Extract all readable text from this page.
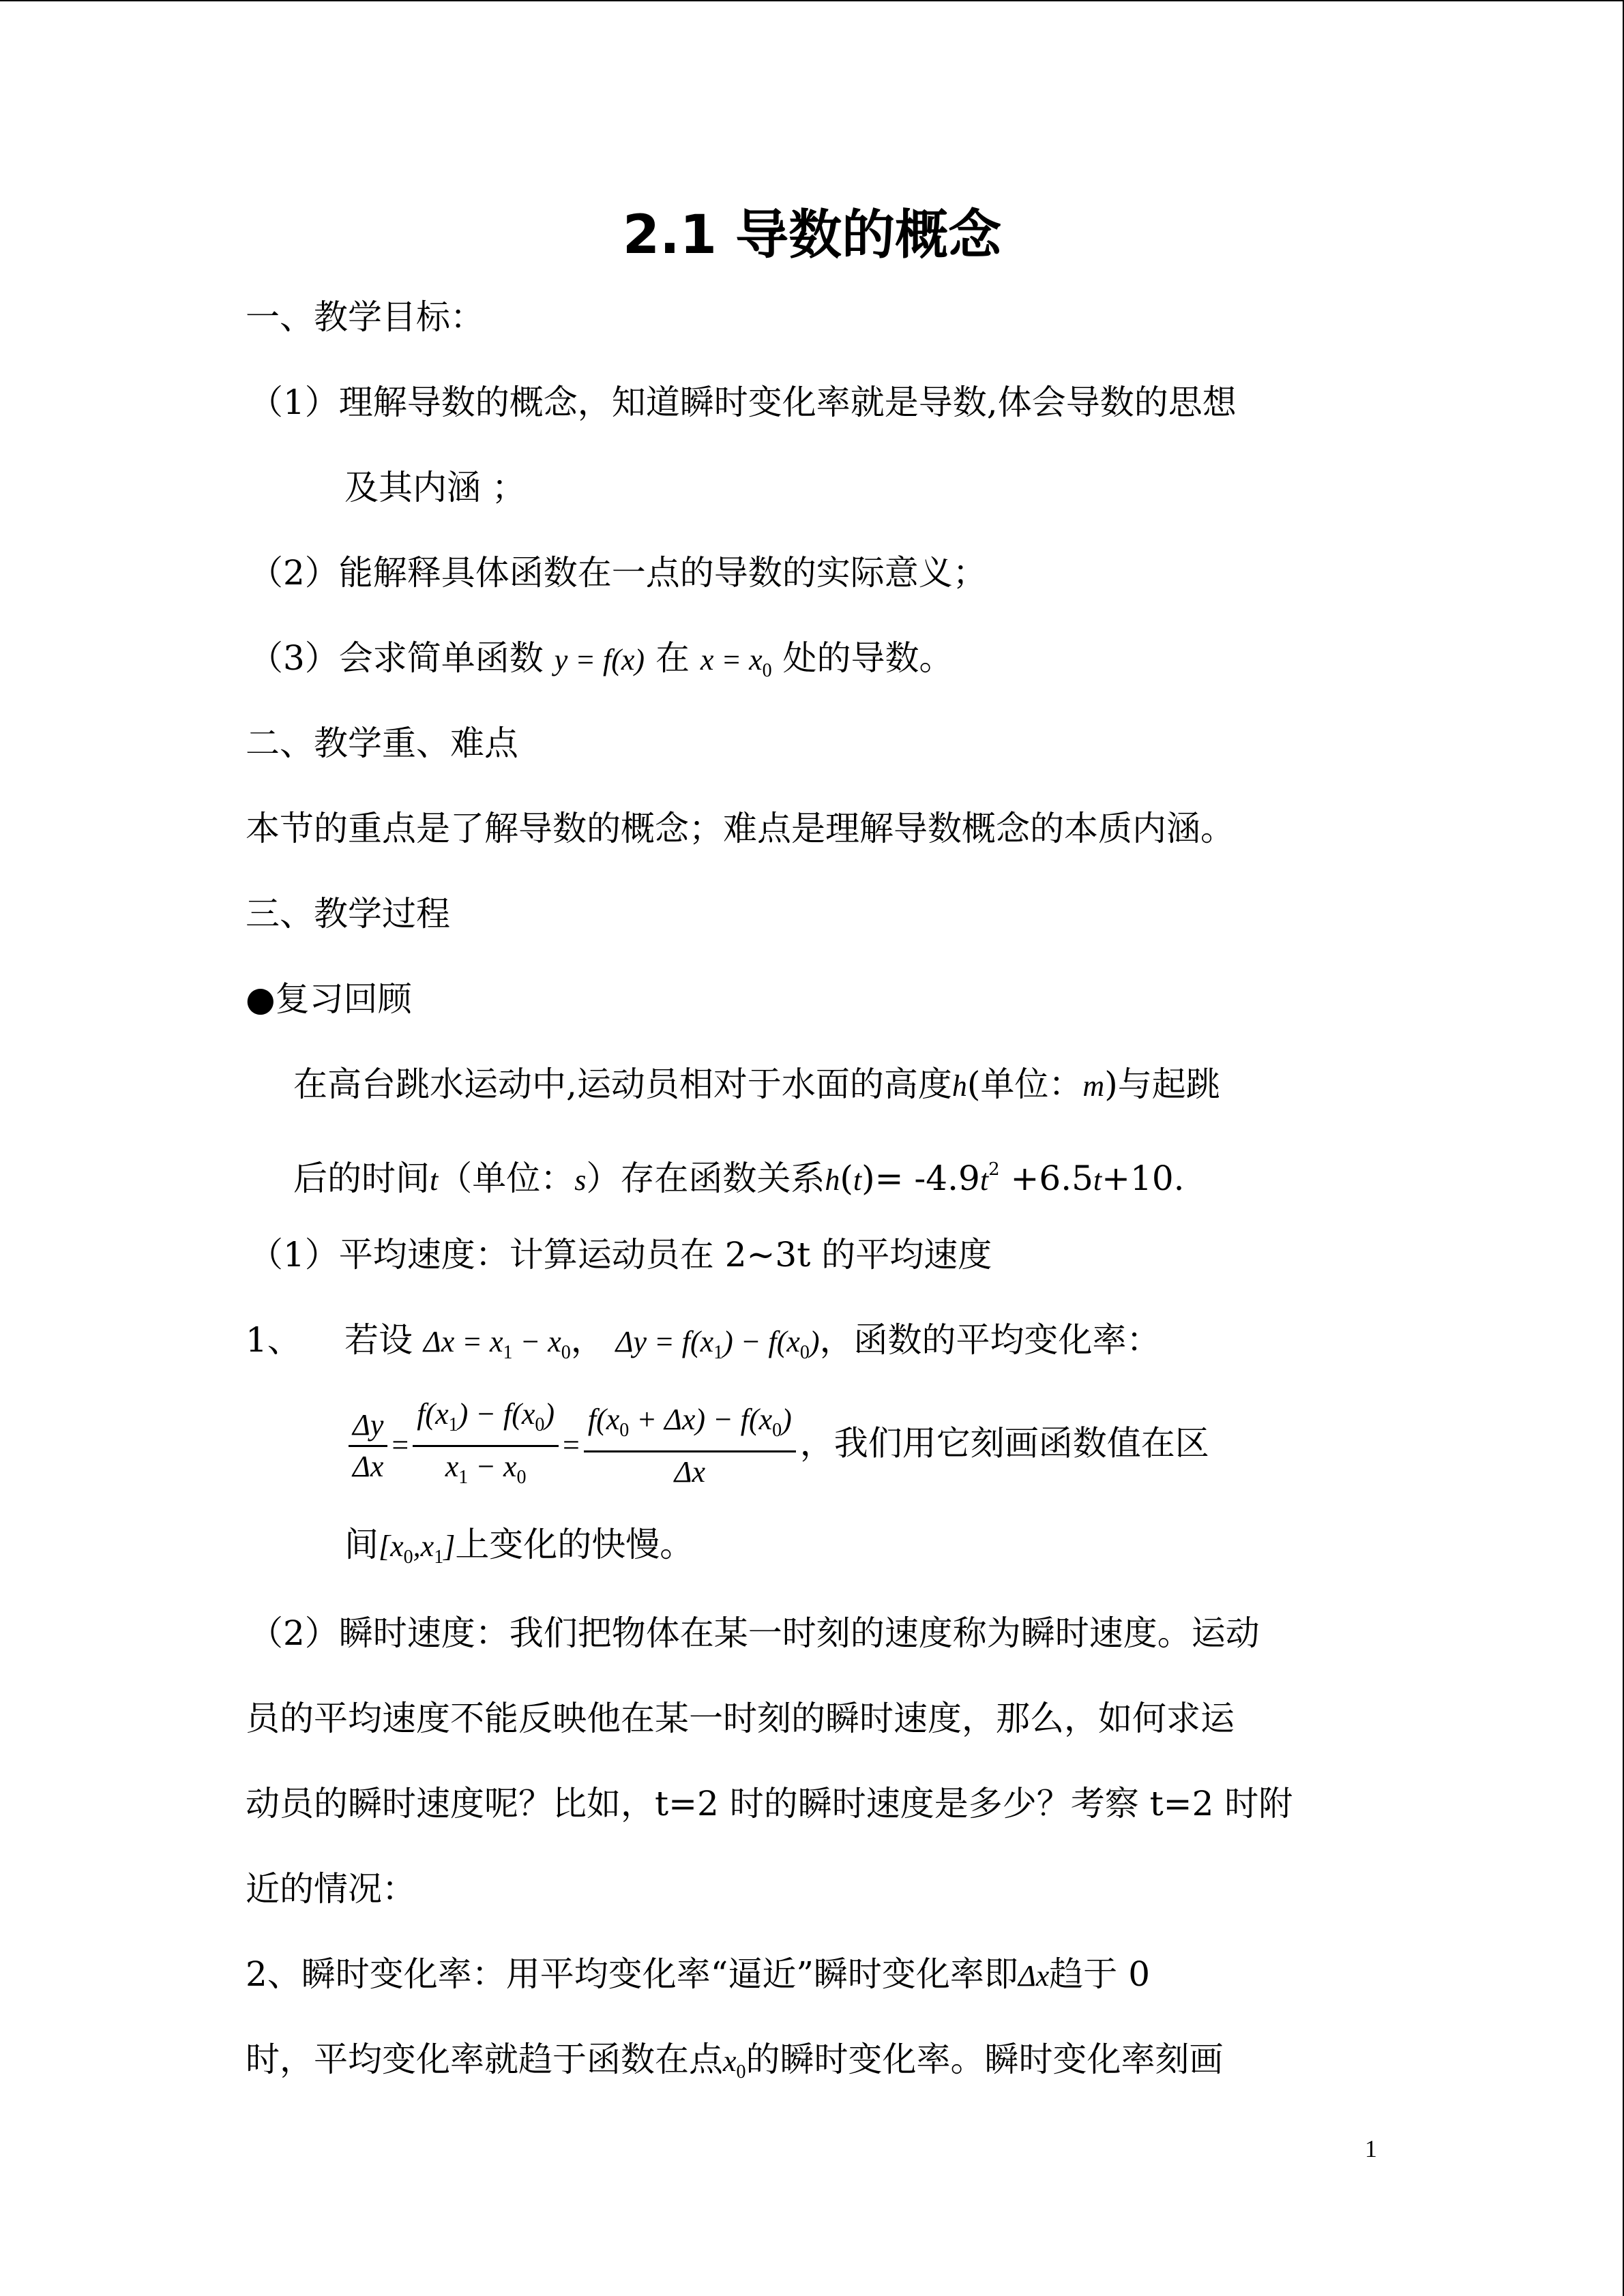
2.1 导数的概念
一、教学目标：
（1）理解导数的概念，知道瞬时变化率就是导数,体会导数的思想
及其内涵 ；
（2）能解释具体函数在一点的导数的实际意义；
（3）会求简单函数 y = f(x) 在 $x = x_0$ 处的导数。
二、教学重、难点
本节的重点是了解导数的概念；难点是理解导数概念的本质内涵。
三、教学过程
●复习回顾
在高台跳水运动中,运动员相对于水面的高度h(单位：m)与起跳
后的时间t（单位：s）存在函数关系$h(t)= -4.9t^2 +6.5t+10$.
（1）平均速度：计算运动员在 2~3t 的平均速度
1、 若设 $\Delta x = x_1 - x_0$， $\Delta y = f(x_1) - f(x_0)$，函数的平均变化率：
$\frac{\Delta y}{\Delta x} = \frac{f(x_1) - f(x_0)}{x_1 - x_0} = \frac{f(x_0 + \Delta x) - f(x_0)}{\Delta x}$ ，我们用它刻画函数值在区
间$[x_0,x_1]$上变化的快慢。
（2）瞬时速度：我们把物体在某一时刻的速度称为瞬时速度。运动
员的平均速度不能反映他在某一时刻的瞬时速度，那么，如何求运
动员的瞬时速度呢？比如，t=2 时的瞬时速度是多少？考察 t=2 时附
近的情况：
2、瞬时变化率：用平均变化率“逼近”瞬时变化率即Δx趋于 0
时，平均变化率就趋于函数在点$x_0$的瞬时变化率。瞬时变化率刻画
1
